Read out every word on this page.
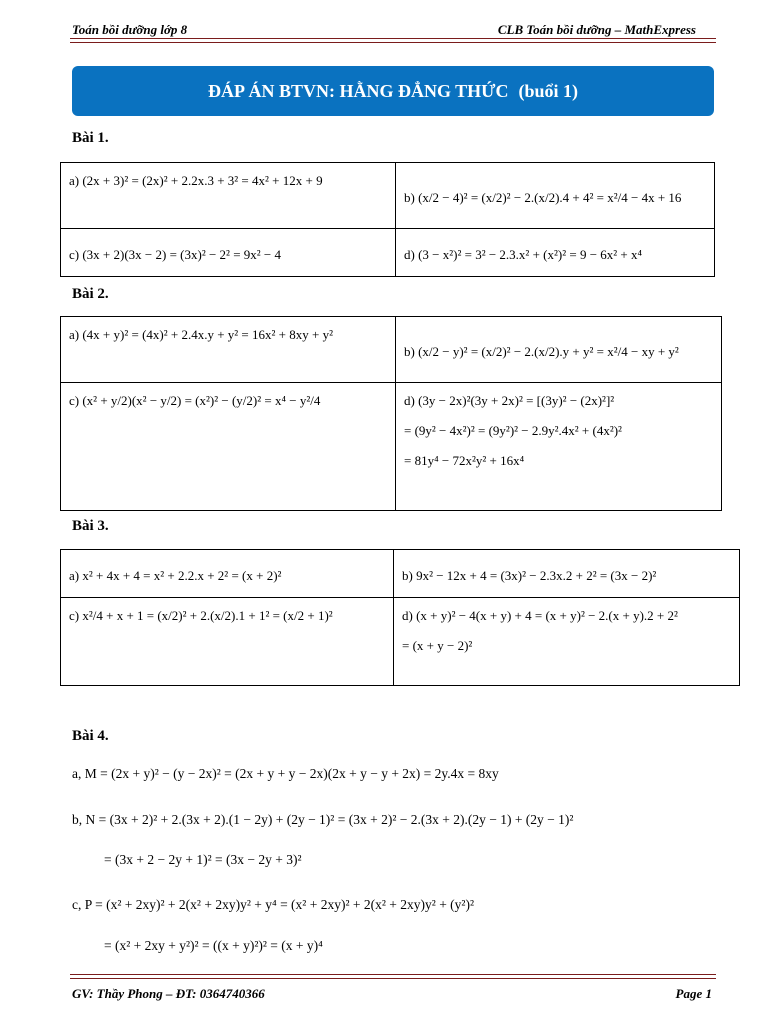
Toán bồi dưỡng lớp 8	CLB Toán bồi dưỡng – MathExpress
ĐÁP ÁN BTVN: HẰNG ĐẲNG THỨC (buổi 1)
Bài 1.
a) (2x + 3)² = (2x)² + 2.2x.3 + 3² = 4x² + 12x + 9	b) (x/2 − 4)² = (x/2)² − 2.(x/2).4 + 4² = x²/4 − 4x + 16
c) (3x + 2)(3x − 2) = (3x)² − 2² = 9x² − 4	d) (3 − x²)² = 3² − 2.3.x² + (x²)² = 9 − 6x² + x⁴
Bài 2.
a) (4x + y)² = (4x)² + 2.4x.y + y² = 16x² + 8xy + y²	b) (x/2 − y)² = (x/2)² − 2.(x/2).y + y² = x²/4 − xy + y²
c) (x² + y/2)(x² − y/2) = (x²)² − (y/2)² = x⁴ − y²/4	d) (3y − 2x)²(3y + 2x)² = [(3y)² − (2x)²]²
= (9y² − 4x²)² = (9y²)² − 2.9y².4x² + (4x²)²
= 81y⁴ − 72x²y² + 16x⁴
Bài 3.
a) x² + 4x + 4 = x² + 2.2.x + 2² = (x + 2)²	b) 9x² − 12x + 4 = (3x)² − 2.3x.2 + 2² = (3x − 2)²
c) x²/4 + x + 1 = (x/2)² + 2.(x/2).1 + 1² = (x/2 + 1)²	d) (x + y)² − 4(x + y) + 4 = (x + y)² − 2.(x + y).2 + 2²
= (x + y − 2)²
Bài 4.
a, M = (2x + y)² − (y − 2x)² = (2x + y + y − 2x)(2x + y − y + 2x) = 2y.4x = 8xy
b, N = (3x + 2)² + 2.(3x + 2).(1 − 2y) + (2y − 1)² = (3x + 2)² − 2.(3x + 2).(2y − 1) + (2y − 1)²
= (3x + 2 − 2y + 1)² = (3x − 2y + 3)²
c, P = (x² + 2xy)² + 2(x² + 2xy)y² + y⁴ = (x² + 2xy)² + 2(x² + 2xy)y² + (y²)²
= (x² + 2xy + y²)² = ((x + y)²)² = (x + y)⁴
GV: Thầy Phong – ĐT: 0364740366	Page 1
